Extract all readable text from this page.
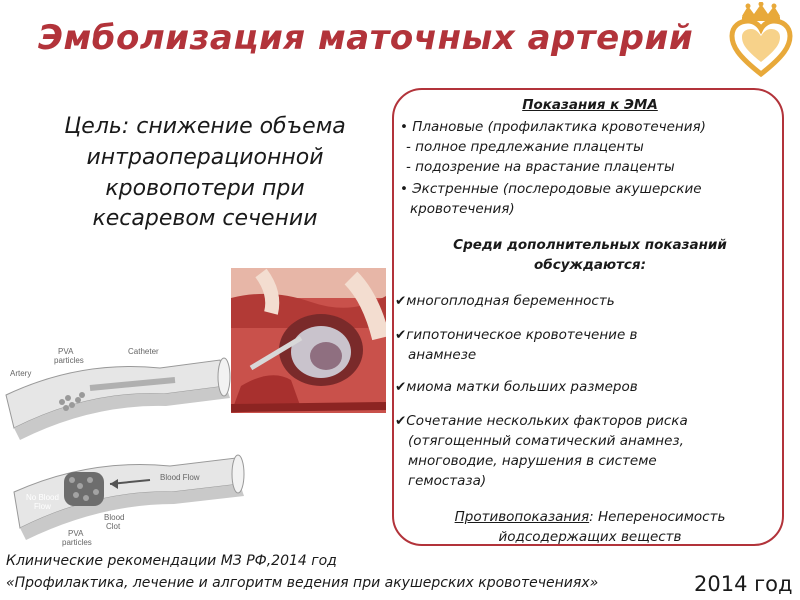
Эмболизация маточных артерий
Цель: снижение объема интраоперационной кровопотери при кесаревом сечении
Artery
PVA particles
Catheter
No Blood Flow
Blood Flow
PVA particles
Blood Clot
Показания к ЭМА
• Плановые (профилактика кровотечения)
- полное предлежание плаценты
- подозрение на врастание плаценты
• Экстренные (послеродовые акушерские
кровотечения)
Среди дополнительных показаний
обсуждаются:
✔многоплодная беременность
✔гипотоническое кровотечение в
анамнезе
✔миома матки больших размеров
✔Сочетание нескольких факторов риска
(отягощенный соматический анамнез,
многоводие, нарушения в системе
гемостаза)
Противопоказания: Непереносимость
йодсодержащих веществ
Клинические рекомендации МЗ РФ,2014 год
«Профилактика, лечение и алгоритм ведения при акушерских кровотечениях»	2014 год
